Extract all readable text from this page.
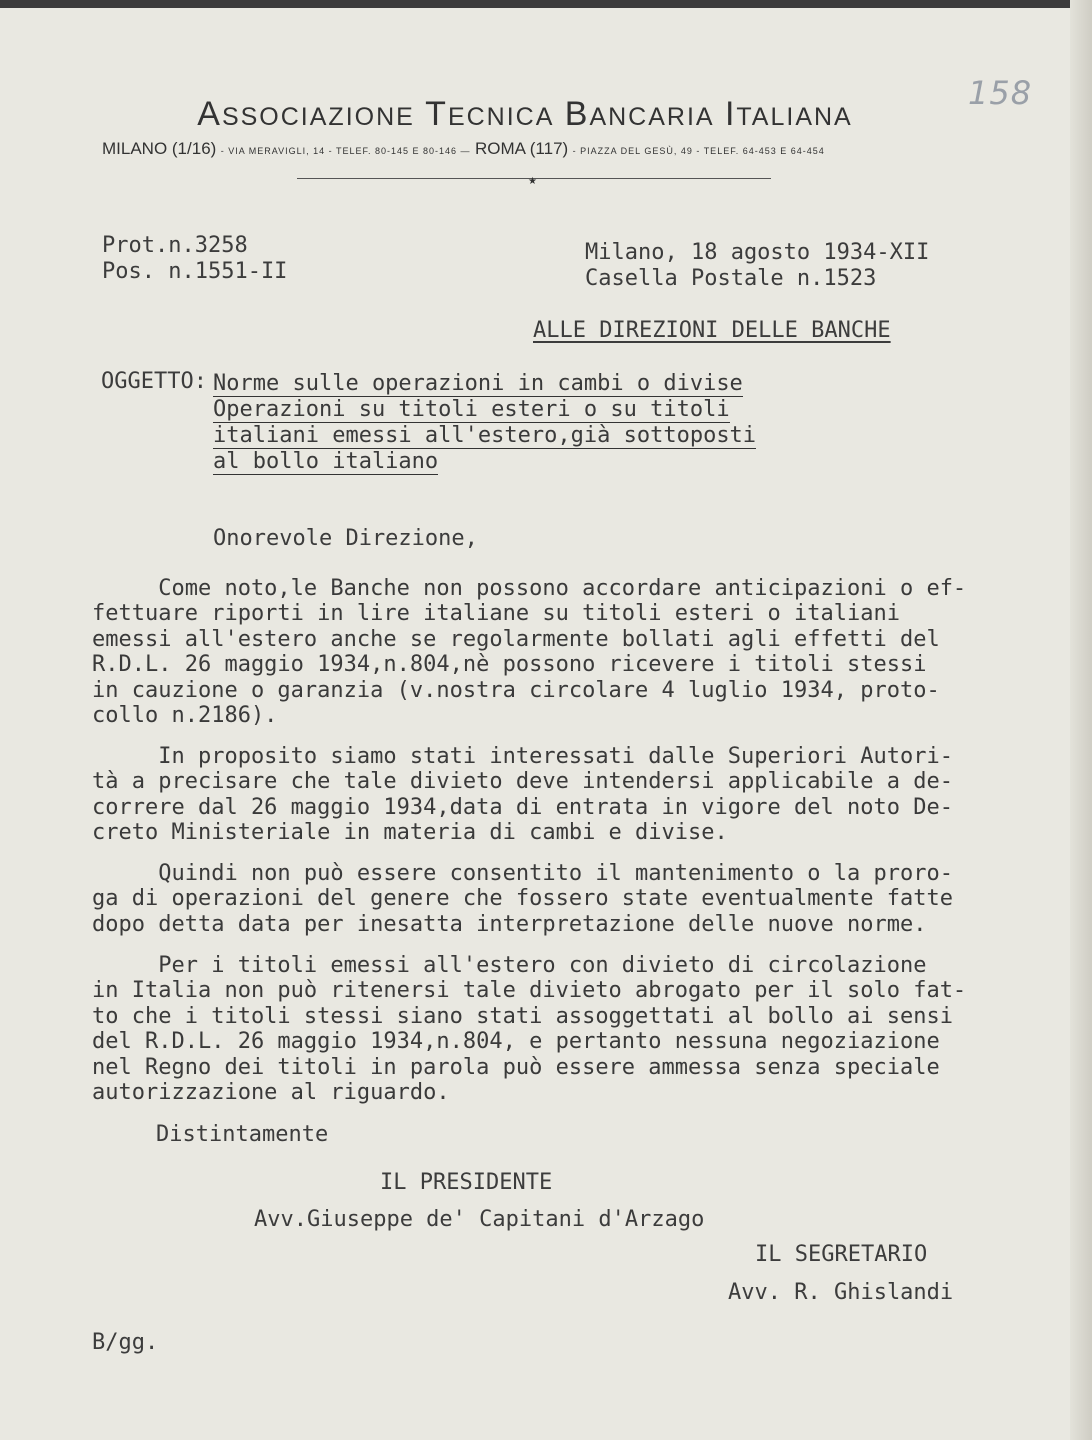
158
ASSOCIAZIONE TECNICA BANCARIA ITALIANA
MILANO (1/16) - VIA MERAVIGLI, 14 - TELEF. 80-145 E 80-146 — ROMA (117) - PIAZZA DEL GESÙ, 49 - TELEF. 64-453 E 64-454
★
Prot.n.3258
Pos. n.1551-II
Milano, 18 agosto 1934-XII
Casella Postale n.1523
ALLE DIREZIONI DELLE BANCHE
OGGETTO: Norme sulle operazioni in cambi o divise
Operazioni su titoli esteri o su titoli
italiani emessi all'estero,già sottoposti
al bollo italiano
Onorevole Direzione,
Come noto,le Banche non possono accordare anticipazioni o ef-
fettuare riporti in lire italiane su titoli esteri o italiani
emessi all'estero anche se regolarmente bollati agli effetti del
R.D.L. 26 maggio 1934,n.804,nè possono ricevere i titoli stessi
in cauzione o garanzia (v.nostra circolare 4 luglio 1934, proto-
collo n.2186).
In proposito siamo stati interessati dalle Superiori Autori-
tà a precisare che tale divieto deve intendersi applicabile a de-
correre dal 26 maggio 1934,data di entrata in vigore del noto De-
creto Ministeriale in materia di cambi e divise.
Quindi non può essere consentito il mantenimento o la proro-
ga di operazioni del genere che fossero state eventualmente fatte
dopo detta data per inesatta interpretazione delle nuove norme.
Per i titoli emessi all'estero con divieto di circolazione
in Italia non può ritenersi tale divieto abrogato per il solo fat-
to che i titoli stessi siano stati assoggettati al bollo ai sensi
del R.D.L. 26 maggio 1934,n.804, e pertanto nessuna negoziazione
nel Regno dei titoli in parola può essere ammessa senza speciale
autorizzazione al riguardo.
Distintamente
IL PRESIDENTE
Avv.Giuseppe de' Capitani d'Arzago
IL SEGRETARIO
Avv. R. Ghislandi
B/gg.
